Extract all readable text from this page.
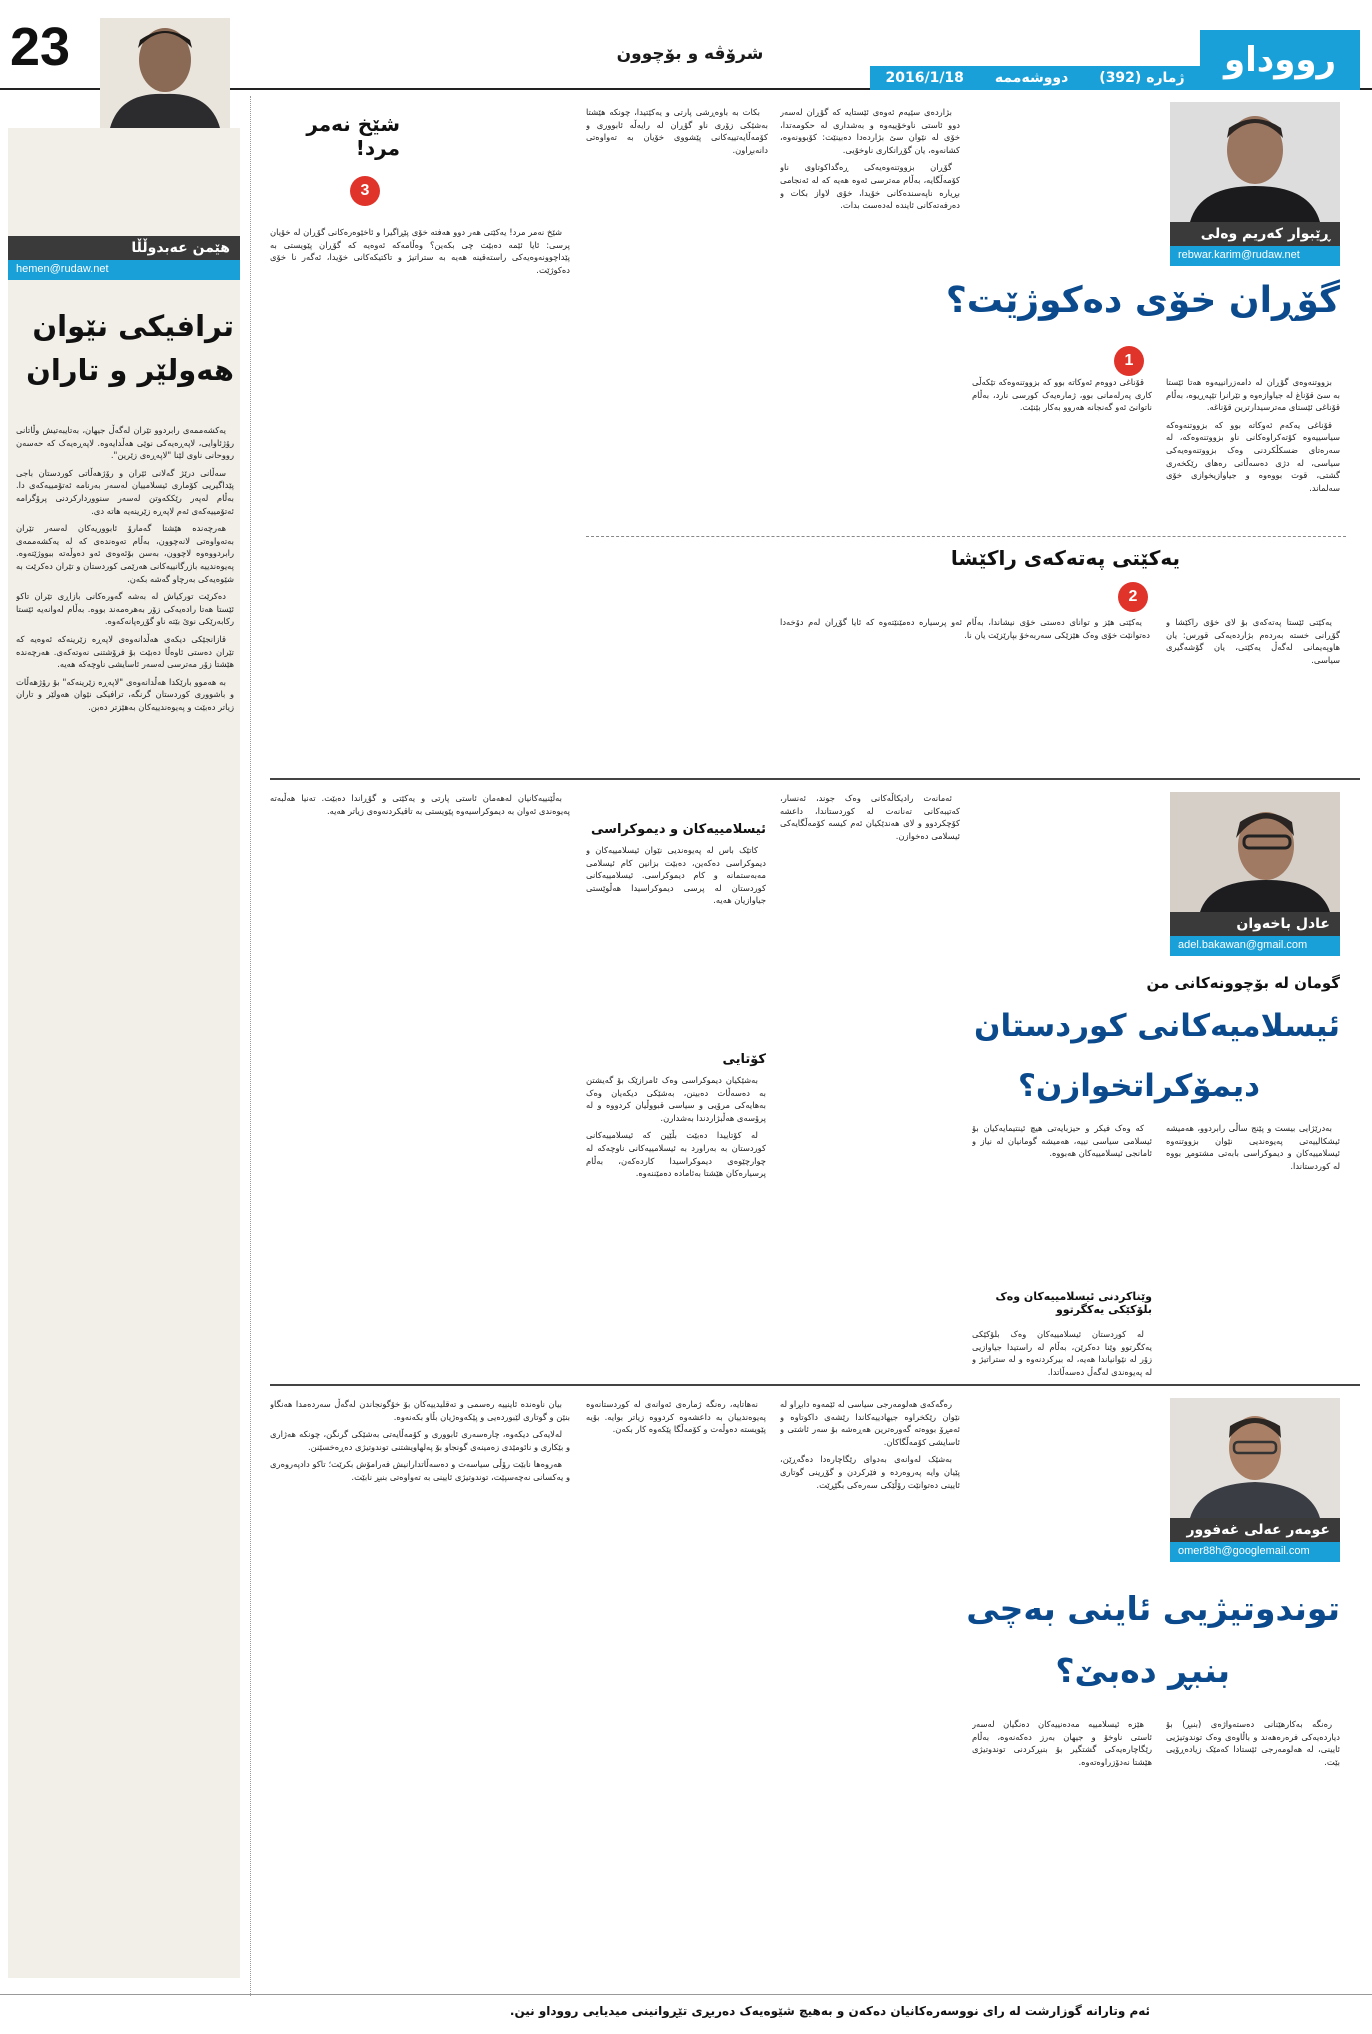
23	شرۆڤە و بۆچوون
ژمارە (392)
دووشەممە
2016/1/18	رووداو
هێمن عەبدوڵڵا
hemen@rudaw.net
ترافیکی نێوان
هەولێر و تاران

یەکشەممەی رابردوو تێران لەگەڵ جیهان، بەتایبەتیش وڵاتانی رۆژئاوایی، لاپەڕەیەکی نوێی هەڵدایەوە. لاپەڕەیەک کە حەسەن رووحانی ناوی لێنا "لاپەڕەی زێرین".

سەڵانی درێژ گەلانی ئێران و رۆژهەڵاتی کوردستان باجی پێداگیریی کۆماری ئیسلامییان لەسەر بەرنامە ئەتۆمییەکەی دا. بەڵام لەپەر رێککەوتن لەسەر سنووردارکردنی پرۆگرامە ئەتۆمییەکەی ئەم لاپەڕە زێرینەیە هاتە دی.

هەرچەندە هێشتا گەمارۆ ئابووریەکان لەسەر تێران بەتەواوەتی لانەچوون، بەڵام تەوەندەی کە لە یەکشەممەی رابردووەوە لاچوون، بەسن بۆئەوەی ئەو دەوڵەتە ببووژێتەوە. پەیوەندییە بازرگانییەکانی هەرێمی کوردستان و تێران دەکرێت بە شێوەیەکی بەرچاو گەشە بکەن.

دەکرێت تورکیاش لە بەشە گەورەکانی بازاڕی تێران تاکو ئێستا هەتا رادەیەکی زۆر بەهرەمەند بووە. بەڵام لەوانەیە ئێستا رکابەرێکی نوێ بێتە ناو گۆڕەپانەکەوە.

قازانجێکی دیکەی هەڵدانەوەی لاپەڕە زێرینەکە ئەوەیە کە تێران دەستی ئاوەڵا دەبێت بۆ فرۆشتنی نەوتەکەی. هەرچەندە هێشتا زۆر مەترسی لەسەر ئاسایشی ناوچەکە هەیە.

بە هەموو بارێکدا هەڵدانەوەی "لاپەڕە زێرینەکە" بۆ رۆژهەڵات و باشووری کوردستان گرنگە، ترافیکی نێوان هەولێر و تاران زیاتر دەبێت و پەیوەندییەکان بەهێزتر دەبن.

ڕێبوار کەریم وەلی
rebwar.karim@rudaw.net
گۆڕان خۆی دەکوژێت؟
1

بزووتنەوەی گۆڕان لە دامەزرانییەوە هەتا ئێستا بە سێ قۆناغ لە جیاوازەوە و تێرانرا تێپەڕیوە، بەڵام قۆناغی ئێستای مەترسیدارترین قۆناغە.

قۆناغی یەکەم ئەوکاتە بوو کە بزووتنەوەکە سیاسییەوە کۆتەکراوەکانی ناو بزووتنەوەکە، لە سەرەتای ضسکڵکردنی وەک بزووتنەوەیەکی سیاسی، لە دژی دەسەڵاتی رەهای رێکخەری گشتی، قوت بووەوە و جیاوازیخوازی خۆی سەلماند.

قۆناغی دووەم ئەوکاتە بوو کە بزووتنەوەکە تێکەڵی کاری پەرلەمانی بوو، ژمارەیەک کورسی نارد، بەڵام ناتوانێ ئەو گەنجانە هەروو بەکار بێنێت.

بژاردەی سێیەم ئەوەی ئێستایە کە گۆڕان لەسەر دوو ئاستی ناوخۆییەوە و بەشداری لە حکومەتدا، خۆی لە نێوان سێ بژاردەدا دەبینێت: کۆبوونەوە، کشانەوە، یان گۆڕانکاری ناوخۆیی.

گۆڕان بزووتنەوەیەکی ڕەگداکوتاوی ناو کۆمەڵگایە، بەڵام مەترسی ئەوە هەیە کە لە ئەنجامی بڕیارە ناپەسندەکانی خۆیدا، خۆی لاواز بکات و دەرفەتەکانی ئایندە لەدەست بدات.

بکات بە باوەڕشی پارتی و یەکێتیدا، چونکە هێشتا بەشێکی زۆری ناو گۆڕان لە رایەڵە ئابووری و کۆمەڵایەتییەکانی پێشووی خۆیان بە تەواوەتی دانەبڕاون.

شێخ نەمر مرد!
3

شێخ نەمر مرد! یەکێتی هەر دوو هەفتە خۆی پێڕاگیرا و ئاخێوەرەکانی گۆڕان لە خۆیان پرسی: ئایا ئێمە دەبێت چی بکەین؟ وەڵامەکە ئەوەیە کە گۆڕان پێویستی بە پێداچوونەوەیەکی راستەقینە هەیە بە ستراتیژ و تاکتیکەکانی خۆیدا، ئەگەر نا خۆی دەکوژێت.

یەکێتی پەتەکەی راکێشا
2

یەکێتی ئێستا پەتەکەی بۆ لای خۆی راکێشا و گۆڕانی خستە بەردەم بژاردەیەکی قورس: یان هاوپەیمانی لەگەڵ یەکێتی، یان گۆشەگیری سیاسی.

یەکێتی هێز و توانای دەستی خۆی نیشاندا، بەڵام ئەو پرسیارە دەمێنێتەوە کە ئایا گۆڕان لەم دۆخەدا دەتوانێت خۆی وەک هێزێکی سەربەخۆ بپارێزێت یان نا.

عادل باخەوان
adel.bakawan@gmail.com
گومان لە بۆچوونەکانی من
ئیسلامیەکانی کوردستان
دیمۆکراتخوازن؟

بەدرێژایی بیست و پێنج ساڵی رابردوو، هەمیشە ئیشکالییەتی پەیوەندیی نێوان بزووتنەوە ئیسلامییەکان و دیموکراسی بابەتی مشتومڕ بووە لە کوردستاندا.

کە وەک فیکر و حیزبایەتی هیچ ئینتیمایەکیان بۆ ئیسلامی سیاسی نییە، هەمیشە گومانیان لە نیاز و ئامانجی ئیسلامییەکان هەبووە.

وێناکردنی ئیسلامییەکان وەک بلۆکێکی یەکگرتوو

لە کوردستان ئیسلامییەکان وەک بلۆکێکی یەکگرتوو وێنا دەکرێن، بەڵام لە راستیدا جیاوازیی زۆر لە نێوانیاندا هەیە، لە بیرکردنەوە و لە ستراتیژ و لە پەیوەندی لەگەڵ دەسەڵاتدا.

ئەمانەت رادیکاڵەکانی وەک جوند، ئەنسار، کەتیبەکانی تەنانەت لە کوردستاندا، داعشە کۆچکردوو و لای هەندێکیان ئەم کیسە کۆمەڵگایەکی ئیسلامی دەخوازن.

ئیسلامییەکان و دیموکراسی

کاتێک باس لە پەیوەندیی نێوان ئیسلامییەکان و دیموکراسی دەکەین، دەبێت بزانین کام ئیسلامی مەبەستمانە و کام دیموکراسی. ئیسلامییەکانی کوردستان لە پرسی دیموکراسیدا هەڵوێستی جیاوازیان هەیە.

کۆتایی

بەشێکیان دیموکراسی وەک ئامرازێک بۆ گەیشتن بە دەسەڵات دەبینن، بەشێکی دیکەیان وەک بەهایەکی مرۆیی و سیاسی قبووڵیان کردووە و لە پرۆسەی هەڵبژاردندا بەشدارن.

لە کۆتاییدا دەبێت بڵێین کە ئیسلامییەکانی کوردستان بە بەراورد بە ئیسلامییەکانی ناوچەکە لە چوارچێوەی دیموکراسیدا کاردەکەن، بەڵام پرسیارەکان هێشتا بەئاماده دەمێننەوە.

بەڵێنییەکانیان لەهەمان ئاستی پارتی و یەکێتی و گۆڕاندا دەبێت. تەنیا هەڵبەتە پەیوەندی ئەوان بە دیموکراسیەوە پێویستی بە تاقیکردنەوەی زیاتر هەیە.

عومەر عەلی غەفوور
omer88h@googlemail.com
توندوتیژیی ئاینی بەچی
بنبڕ دەبێ؟

رەنگە بەکارهێنانی دەستەواژەی (بنبڕ) بۆ دیاردەیەکی فرەرەهەند و باڵاوەی وەک توندوتیژیی ئایینی، لە هەلومەرجی ئێستادا کەمێک زیادەڕۆیی بێت.

هێزە ئیسلامییە مەدەنییەکان دەنگیان لەسەر ئاستی ناوخۆ و جیهان بەرز دەکەنەوە، بەڵام رێگاچارەیەکی گشتگیر بۆ بنبڕکردنی توندوتیژی هێشتا نەدۆزراوەتەوە.

رەگەکەی هەلومەرجی سیاسی لە ئێمەوە دابڕاو لە نێوان رێکخراوە جیهادییەکاندا رێشەی داکوتاوە و ئەمڕۆ بووەتە گەورەترین هەڕەشە بۆ سەر ئاشتی و ئاسایشی کۆمەڵگاکان.

بەشێک لەوانەی بەدوای رێگاچارەدا دەگەڕێن، پێیان وایە پەروەردە و فێرکردن و گۆڕینی گوتاری ئایینی دەتوانێت رۆڵێکی سەرەکی بگێڕێت.

نەهاتایە، رەنگە ژمارەی ئەوانەی لە کوردستانەوە پەیوەندییان بە داعشەوە کردووە زیاتر بوایە. بۆیە پێویستە دەوڵەت و کۆمەڵگا پێکەوە کار بکەن.

بیان ناوەندە ئاینییە رەسمی و تەقلیدییەکان بۆ خۆگونجاندن لەگەڵ سەردەمدا هەنگاو بنێن و گوتاری لێبوردەیی و پێکەوەژیان بڵاو بکەنەوە.

لەلایەکی دیکەوە، چارەسەری ئابووری و کۆمەڵایەتی بەشێکی گرنگن، چونکە هەژاری و بێکاری و نائومێدی زەمینەی گونجاو بۆ پەلهاویشتنی توندوتیژی دەڕەخسێنن.

هەروەها نابێت رۆڵی سیاسەت و دەسەڵاتدارانیش فەرامۆش بکرێت؛ تاکو دادپەروەری و یەکسانی نەچەسپێت، توندوتیژی ئایینی بە تەواوەتی بنبڕ نابێت.

ئەم وتارانە گوزارشت لە رای نووسەرەکانیان دەکەن و بەهیچ شێوەیەک دەربڕی تێڕوانینی میدیایی رووداو نین.
